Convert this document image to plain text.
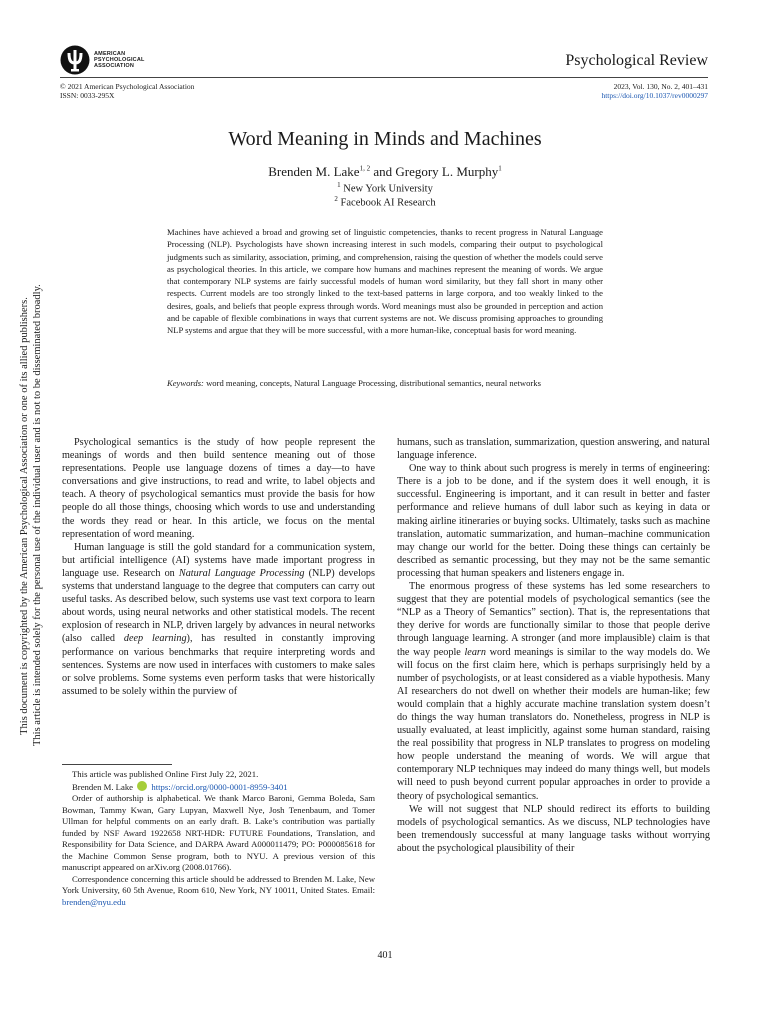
AMERICAN
PSYCHOLOGICAL
ASSOCIATION	Psychological Review
© 2021 American Psychological Association
ISSN: 0033-295X
2023, Vol. 130, No. 2, 401–431
https://doi.org/10.1037/rev0000297
This document is copyrighted by the American Psychological Association or one of its allied publishers. This article is intended solely for the personal use of the individual user and is not to be disseminated broadly.
Word Meaning in Minds and Machines
Brenden M. Lake$^{1, 2}$ and Gregory L. Murphy$^1$
$^1$ New York University
$^2$ Facebook AI Research
Machines have achieved a broad and growing set of linguistic competencies, thanks to recent progress in Natural Language Processing (NLP). Psychologists have shown increasing interest in such models, comparing their output to psychological judgments such as similarity, association, priming, and comprehension, raising the question of whether the models could serve as psychological theories. In this article, we compare how humans and machines represent the meaning of words. We argue that contemporary NLP systems are fairly successful models of human word similarity, but they fall short in many other respects. Current models are too strongly linked to the text-based patterns in large corpora, and too weakly linked to the desires, goals, and beliefs that people express through words. Word meanings must also be grounded in perception and action and be capable of flexible combinations in ways that current systems are not. We discuss promising approaches to grounding NLP systems and argue that they will be more successful, with a more human-like, conceptual basis for word meaning.
Keywords: word meaning, concepts, Natural Language Processing, distributional semantics, neural networks

Psychological semantics is the study of how people represent the meanings of words and then build sentence meaning out of those representations. People use language dozens of times a day—to have conversations and give instructions, to read and write, to label objects and teach. A theory of psychological semantics must provide the basis for how people do all those things, choosing which words to use and understanding the words they read or hear. In this article, we focus on the mental representation of word meaning.

Human language is still the gold standard for a communication system, but artificial intelligence (AI) systems have made important progress in language use. Research on Natural Language Processing (NLP) develops systems that understand language to the degree that computers can carry out useful tasks. As described below, such systems use vast text corpora to learn about words, using neural networks and other statistical models. The recent explosion of research in NLP, driven largely by advances in neural networks (also called deep learning), has resulted in constantly improving performance on various benchmarks that require interpreting words and sentences. Systems are now used in interfaces with customers to make sales or solve problems. Some systems even perform tasks that were historically assumed to be solely within the purview of

humans, such as translation, summarization, question answering, and natural language inference.

One way to think about such progress is merely in terms of engineering: There is a job to be done, and if the system does it well enough, it is successful. Engineering is important, and it can result in better and faster performance and relieve humans of dull labor such as keying in data or making airline itineraries or buying socks. Ultimately, tasks such as machine translation, automatic summarization, and human–machine communication may change our world for the better. Doing these things can certainly be described as semantic processing, but they may not be the same semantic processing that human speakers and listeners engage in.

The enormous progress of these systems has led some researchers to suggest that they are potential models of psychological semantics (see the “NLP as a Theory of Semantics” section). That is, the representations that they derive for words are functionally similar to those that people derive through language learning. A stronger (and more implausible) claim is that the way people learn word meanings is similar to the way models do. We will focus on the first claim here, which is perhaps surprisingly held by a number of psychologists, or at least considered as a viable hypothesis. Many AI researchers do not dwell on whether their models are human-like; few would complain that a highly accurate machine translation system doesn’t do things the way human translators do. Nonetheless, progress in NLP is usually evaluated, at least implicitly, against some human standard, raising the real possibility that progress in NLP translates to progress on modeling how people understand the meaning of words. We will argue that contemporary NLP techniques may indeed do many things well, but models will need to push beyond current popular approaches in order to provide a theory of psychological semantics.

We will not suggest that NLP should redirect its efforts to building models of psychological semantics. As we discuss, NLP technologies have been tremendously successful at many language tasks without worrying about the psychological plausibility of their

This article was published Online First July 22, 2021.

Brenden M. Lake https://orcid.org/0000-0001-8959-3401

Order of authorship is alphabetical. We thank Marco Baroni, Gemma Boleda, Sam Bowman, Tammy Kwan, Gary Lupyan, Maxwell Nye, Josh Tenenbaum, and Tomer Ullman for helpful comments on an early draft. B. Lake’s contribution was partially funded by NSF Award 1922658 NRT-HDR: FUTURE Foundations, Translation, and Responsibility for Data Science, and DARPA Award A000011479; PO: P000085618 for the Machine Common Sense program, both to NYU. A previous version of this manuscript appeared on arXiv.org (2008.01766).

Correspondence concerning this article should be addressed to Brenden M. Lake, New York University, 60 5th Avenue, Room 610, New York, NY 10011, United States. Email: brenden@nyu.edu

401
